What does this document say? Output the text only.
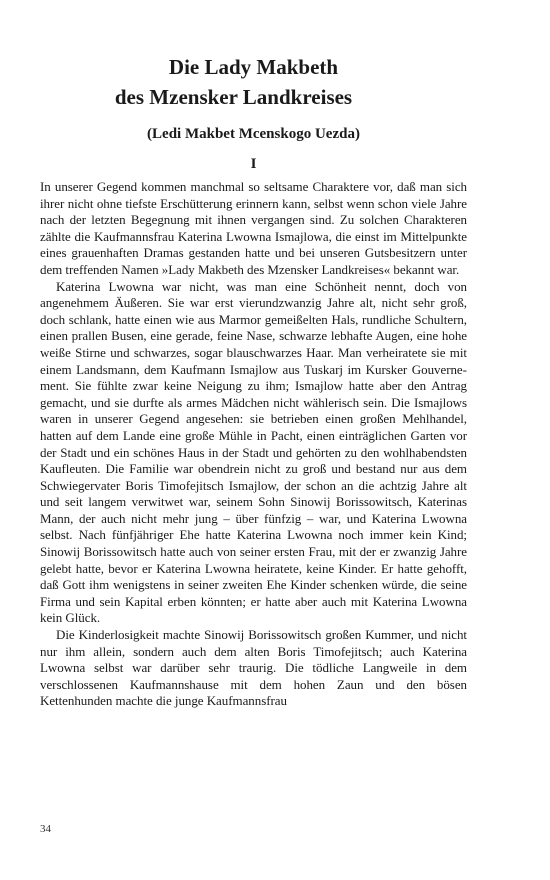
Die Lady Makbeth
des Mzensker Landkreises
(Ledi Makbet Mcenskogo Uezda)
I

In unserer Gegend kommen manchmal so seltsame Charaktere vor, daß man sich ihrer nicht ohne tiefste Erschütterung erinnern kann, selbst wenn schon viele Jahre nach der letzten Begegnung mit ihnen vergangen sind. Zu solchen Charakteren zählte die Kaufmannsfrau Katerina Lwowna Ismajlowa, die einst im Mittelpunkte eines grauenhaften Dramas gestanden hatte und bei unseren Gutsbesitzern unter dem treffenden Namen »Lady Makbeth des Mzensker Landkreises« bekannt war.

Katerina Lwowna war nicht, was man eine Schönheit nennt, doch von angenehmem Äußeren. Sie war erst vierundzwanzig Jahre alt, nicht sehr groß, doch schlank, hatte einen wie aus Marmor gemeißelten Hals, rundliche Schultern, einen prallen Busen, eine gerade, feine Nase, schwarze lebhafte Augen, eine hohe weiße Stirne und schwarzes, sogar blauschwarzes Haar. Man verheiratete sie mit einem Landsmann, dem Kaufmann Ismajlow aus Tuskarj im Kursker Gouvernement. Sie fühlte zwar keine Neigung zu ihm; Ismajlow hatte aber den Antrag gemacht, und sie durfte als armes Mädchen nicht wählerisch sein. Die Ismajlows waren in unserer Gegend angesehen: sie betrieben einen großen Mehlhandel, hatten auf dem Lande eine große Mühle in Pacht, einen einträglichen Garten vor der Stadt und ein schönes Haus in der Stadt und gehörten zu den wohlhabendsten Kaufleuten. Die Familie war obendrein nicht zu groß und bestand nur aus dem Schwiegervater Boris Timofejitsch Ismajlow, der schon an die achtzig Jahre alt und seit langem verwitwet war, seinem Sohn Sinowij Borissowitsch, Katerinas Mann, der auch nicht mehr jung – über fünfzig – war, und Katerina Lwowna selbst. Nach fünfjähriger Ehe hatte Katerina Lwowna noch immer kein Kind; Sinowij Borissowitsch hatte auch von seiner ersten Frau, mit der er zwanzig Jahre gelebt hatte, bevor er Katerina Lwowna heiratete, keine Kinder. Er hatte gehofft, daß Gott ihm wenigstens in seiner zweiten Ehe Kinder schenken würde, die seine Firma und sein Kapital erben könnten; er hatte aber auch mit Katerina Lwowna kein Glück.

Die Kinderlosigkeit machte Sinowij Borissowitsch großen Kummer, und nicht nur ihm allein, sondern auch dem alten Boris Timofejitsch; auch Katerina Lwowna selbst war darüber sehr traurig. Die tödliche Langweile in dem verschlossenen Kaufmannshause mit dem hohen Zaun und den bösen Kettenhunden machte die junge Kaufmannsfrau

34
